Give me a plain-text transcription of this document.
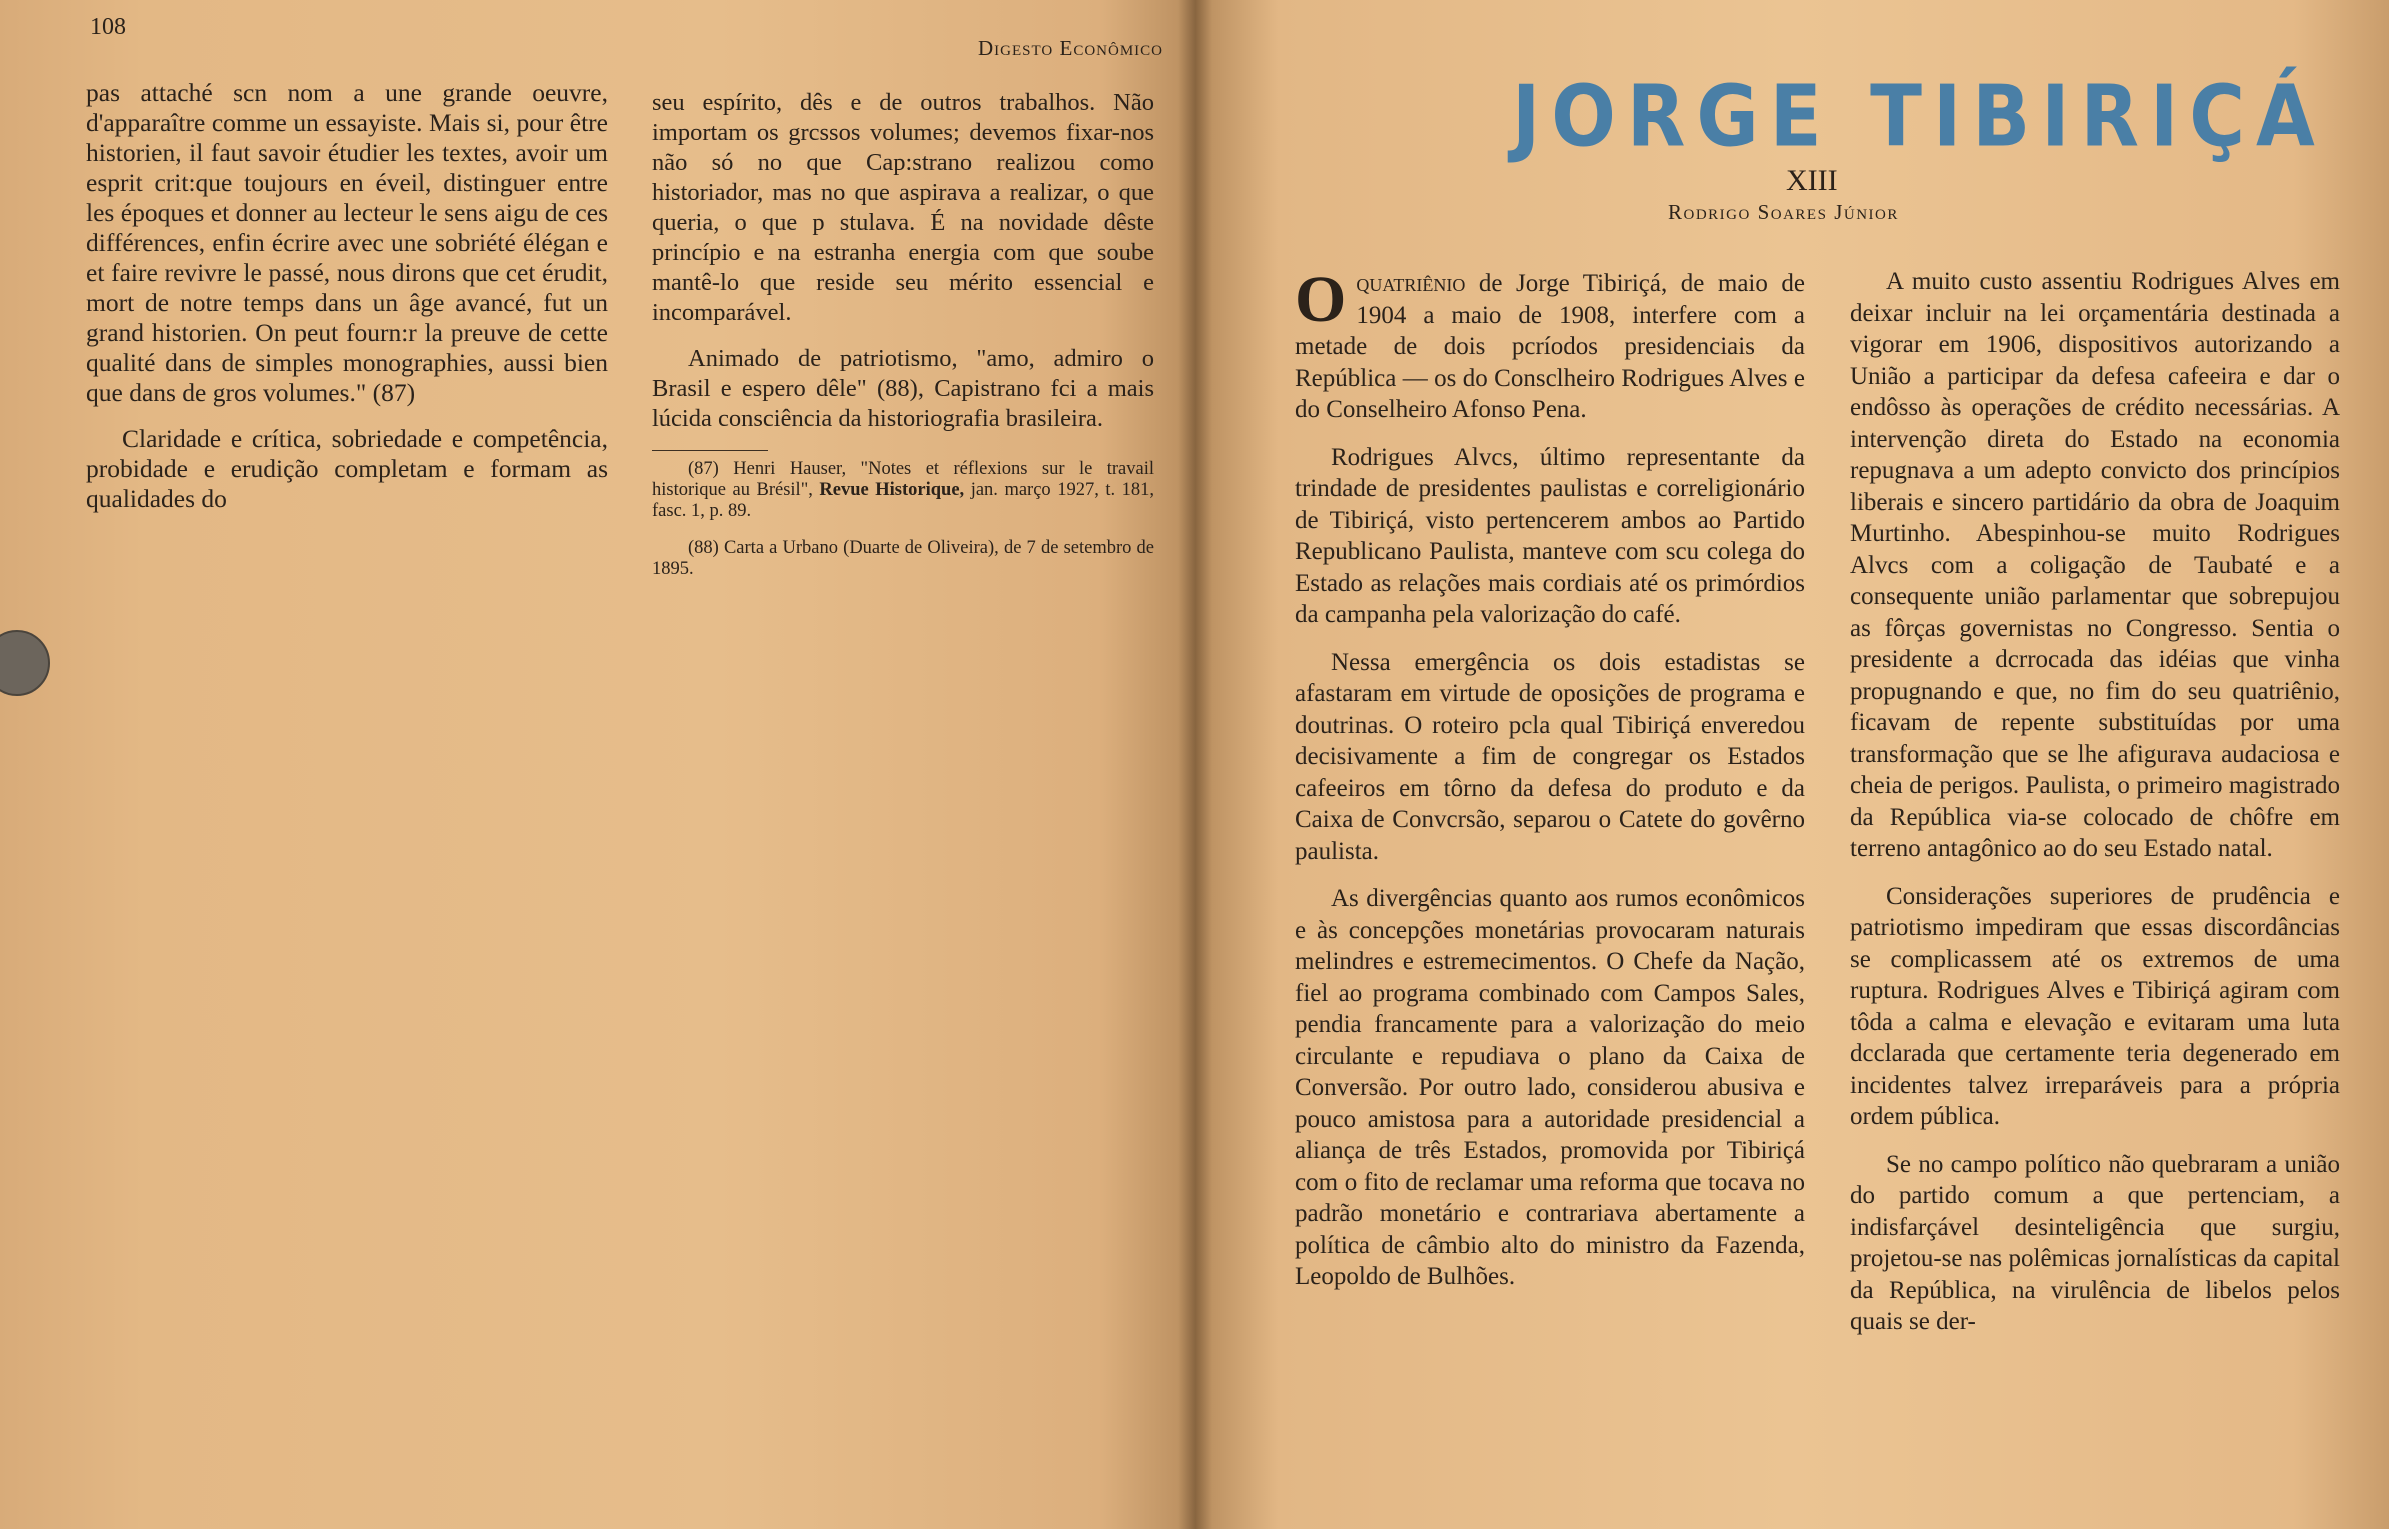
108
Digesto Econômico

pas attaché scn nom a une grande oeuvre, d'apparaître comme un essayiste. Mais si, pour être historien, il faut savoir étudier les textes, avoir um esprit crit:que toujours en éveil, distinguer entre les époques et donner au lecteur le sens aigu de ces différences, enfin écrire avec une sobriété élégan e et faire revivre le passé, nous dirons que cet érudit, mort de notre temps dans un âge avancé, fut un grand historien. On peut fourn:r la preuve de cette qualité dans de simples monographies, aussi bien que dans de gros volumes." (87)

Claridade e crítica, sobriedade e competência, probidade e erudição completam e formam as qualidades do

seu espírito, dês e de outros trabalhos. Não importam os grcssos volumes; devemos fixar-nos não só no que Cap:strano realizou como historiador, mas no que aspirava a realizar, o que queria, o que p stulava. É na novidade dêste princípio e na estranha energia com que soube mantê-lo que reside seu mérito essencial e incomparável.

Animado de patriotismo, "amo, admiro o Brasil e espero dêle" (88), Capistrano fci a mais lúcida consciência da historiografia brasileira.

(87) Henri Hauser, "Notes et réflexions sur le travail historique au Brésil", Revue Historique, jan. março 1927, t. 181, fasc. 1, p. 89.

(88) Carta a Urbano (Duarte de Oliveira), de 7 de setembro de 1895.

JORGE TIBIRIÇÁ
XIII
Rodrigo Soares Júnior

O quatriênio de Jorge Tibiriçá, de maio de 1904 a maio de 1908, interfere com a metade de dois pcríodos presidenciais da República — os do Consclheiro Rodrigues Alves e do Conselheiro Afonso Pena.

Rodrigues Alvcs, último representante da trindade de presidentes paulistas e correligionário de Tibiriçá, visto pertencerem ambos ao Partido Republicano Paulista, manteve com scu colega do Estado as relações mais cordiais até os primórdios da campanha pela valorização do café.

Nessa emergência os dois estadistas se afastaram em virtude de oposições de programa e doutrinas. O roteiro pcla qual Tibiriçá enveredou decisivamente a fim de congregar os Estados cafeeiros em tôrno da defesa do produto e da Caixa de Convcrsão, separou o Catete do govêrno paulista.

As divergências quanto aos rumos econômicos e às concepções monetárias provocaram naturais melindres e estremecimentos. O Chefe da Nação, fiel ao programa combinado com Campos Sales, pendia francamente para a valorização do meio circulante e repudiava o plano da Caixa de Conversão. Por outro lado, considerou abusiva e pouco amistosa para a autoridade presidencial a aliança de três Estados, promovida por Tibiriçá com o fito de reclamar uma reforma que tocava no padrão monetário e contrariava abertamente a política de câmbio alto do ministro da Fazenda, Leopoldo de Bulhões.

A muito custo assentiu Rodrigues Alves em deixar incluir na lei orçamentária destinada a vigorar em 1906, dispositivos autorizando a União a participar da defesa cafeeira e dar o endôsso às operações de crédito necessárias. A intervenção direta do Estado na economia repugnava a um adepto convicto dos princípios liberais e sincero partidário da obra de Joaquim Murtinho. Abespinhou-se muito Rodrigues Alvcs com a coligação de Taubaté e a consequente união parlamentar que sobrepujou as fôrças governistas no Congresso. Sentia o presidente a dcrrocada das idéias que vinha propugnando e que, no fim do seu quatriênio, ficavam de repente substituídas por uma transformação que se lhe afigurava audaciosa e cheia de perigos. Paulista, o primeiro magistrado da República via-se colocado de chôfre em terreno antagônico ao do seu Estado natal.

Considerações superiores de prudência e patriotismo impediram que essas discordâncias se complicassem até os extremos de uma ruptura. Rodrigues Alves e Tibiriçá agiram com tôda a calma e elevação e evitaram uma luta dcclarada que certamente teria degenerado em incidentes talvez irreparáveis para a própria ordem pública.

Se no campo político não quebraram a união do partido comum a que pertenciam, a indisfarçável desinteligência que surgiu, projetou-se nas polêmicas jornalísticas da capital da República, na virulência de libelos pelos quais se der-
